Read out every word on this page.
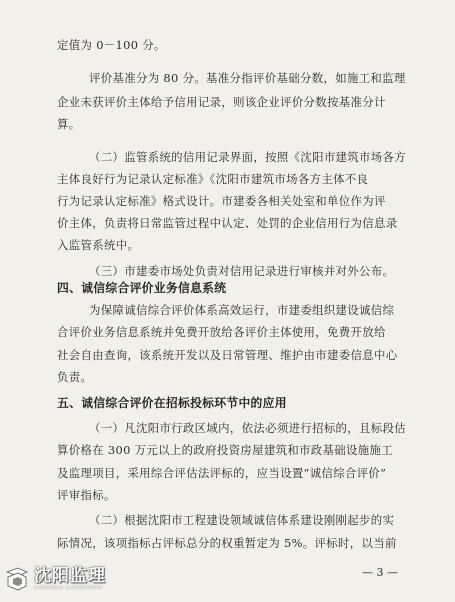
定值为 0－100 分。
评价基准分为 80 分。基准分指评价基础分数，如施工和监理
企业未获评价主体给予信用记录，则该企业评价分数按基准分计
算。
（二）监管系统的信用记录界面，按照《沈阳市建筑市场各方
主体良好行为记录认定标准》《沈阳市建筑市场各方主体不良
行为记录认定标准》格式设计。市建委各相关处室和单位作为评
价主体，负责将日常监管过程中认定、处罚的企业信用行为信息录
入监管系统中。
（三）市建委市场处负责对信用记录进行审核并对外公布。
四、诚信综合评价业务信息系统
为保障诚信综合评价体系高效运行，市建委组织建设诚信综
合评价业务信息系统并免费开放给各评价主体使用，免费开放给
社会自由查询，该系统开发以及日常管理、维护由市建委信息中心
负责。
五、诚信综合评价在招标投标环节中的应用
（一）凡沈阳市行政区域内，依法必须进行招标的，且标段估
算价格在 300 万元以上的政府投资房屋建筑和市政基础设施施工
及监理项目，采用综合评估法评标的，应当设置“诚信综合评价”
评审指标。
（二）根据沈阳市工程建设领域诚信体系建设刚刚起步的实
际情况，该项指标占评标总分的权重暂定为 5%。评标时，以当前
— 3 —
沈阳监理
SHENYANG SUPERVISION
